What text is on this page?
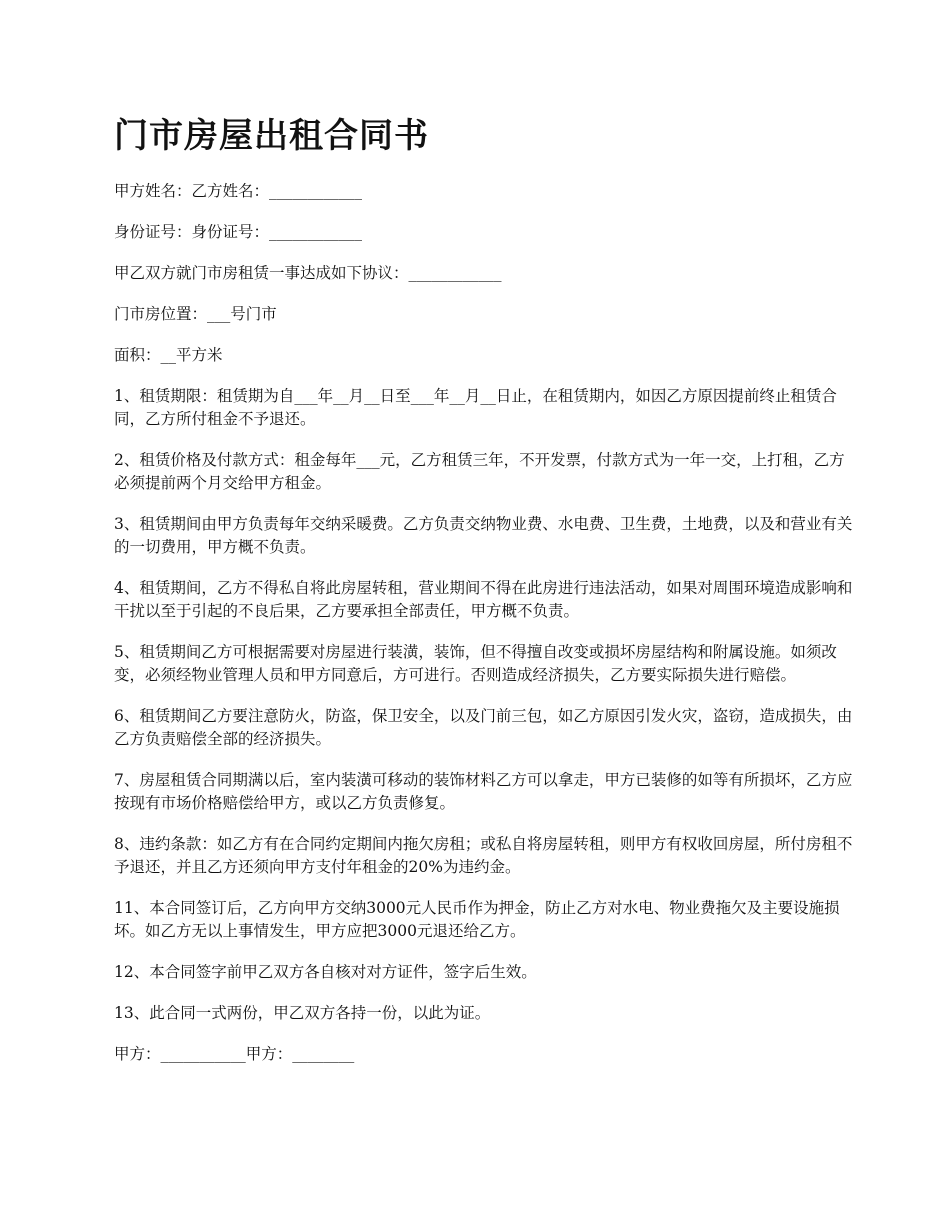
门市房屋出租合同书

甲方姓名：乙方姓名：____________

身份证号：身份证号：____________

甲乙双方就门市房租赁一事达成如下协议：____________

门市房位置：___号门市

面积：__平方米

1、租赁期限：租赁期为自___年__月__日至___年__月__日止，在租赁期内，如因乙方原因提前终止租赁合同，乙方所付租金不予退还。

2、租赁价格及付款方式：租金每年___元，乙方租赁三年，不开发票，付款方式为一年一交，上打租，乙方必须提前两个月交给甲方租金。

3、租赁期间由甲方负责每年交纳采暖费。乙方负责交纳物业费、水电费、卫生费，土地费，以及和营业有关的一切费用，甲方概不负责。

4、租赁期间，乙方不得私自将此房屋转租，营业期间不得在此房进行违法活动，如果对周围环境造成影响和干扰以至于引起的不良后果，乙方要承担全部责任，甲方概不负责。

5、租赁期间乙方可根据需要对房屋进行装潢，装饰，但不得擅自改变或损坏房屋结构和附属设施。如须改变，必须经物业管理人员和甲方同意后，方可进行。否则造成经济损失，乙方要实际损失进行赔偿。

6、租赁期间乙方要注意防火，防盗，保卫安全，以及门前三包，如乙方原因引发火灾，盗窃，造成损失，由乙方负责赔偿全部的经济损失。

7、房屋租赁合同期满以后，室内装潢可移动的装饰材料乙方可以拿走，甲方已装修的如等有所损坏，乙方应按现有市场价格赔偿给甲方，或以乙方负责修复。

8、违约条款：如乙方有在合同约定期间内拖欠房租；或私自将房屋转租，则甲方有权收回房屋，所付房租不予退还，并且乙方还须向甲方支付年租金的20%为违约金。

11、本合同签订后，乙方向甲方交纳3000元人民币作为押金，防止乙方对水电、物业费拖欠及主要设施损坏。如乙方无以上事情发生，甲方应把3000元退还给乙方。

12、本合同签字前甲乙双方各自核对对方证件，签字后生效。

13、此合同一式两份，甲乙双方各持一份，以此为证。

甲方：___________甲方：________
